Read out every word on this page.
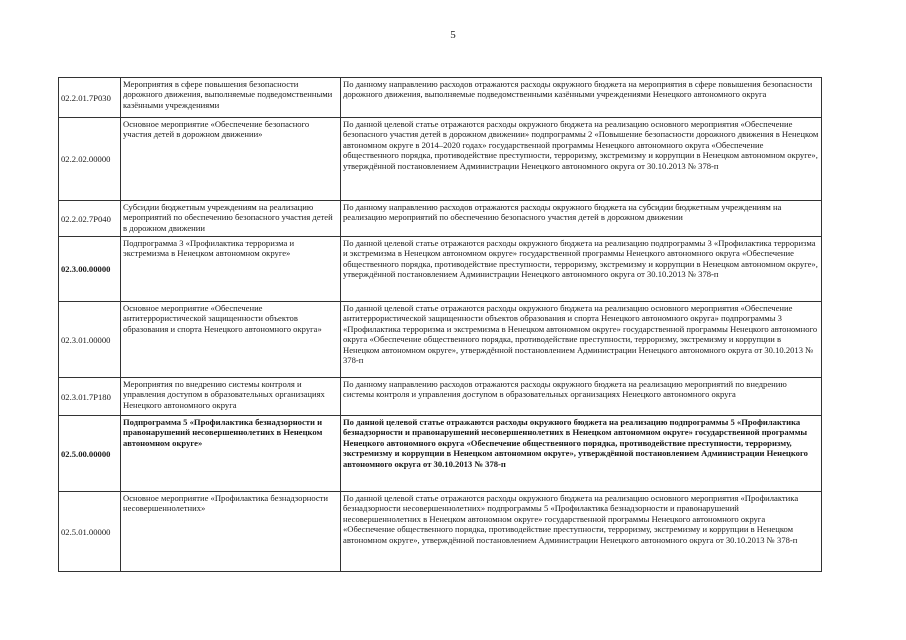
5
02.2.01.7Р030	Мероприятия в сфере повышения безопасности дорожного движения, выполняемые подведомственными казёнными учреждениями	По данному направлению расходов отражаются расходы окружного бюджета на мероприятия в сфере повышения безопасности дорожного движения, выполняемые подведомственными казёнными учреждениями Ненецкого автономного округа
02.2.02.00000	Основное мероприятие «Обеспечение безопасного участия детей в дорожном движении»	По данной целевой статье отражаются расходы окружного бюджета на реализацию основного мероприятия «Обеспечение безопасного участия детей в дорожном движении» подпрограммы 2 «Повышение безопасности дорожного движения в Ненецком автономном округе в 2014–2020 годах» государственной программы Ненецкого автономного округа «Обеспечение общественного порядка, противодействие преступности, терроризму, экстремизму и коррупции в Ненецком автономном округе», утверждённой постановлением Администрации Ненецкого автономного округа от 30.10.2013 № 378-п
02.2.02.7Р040	Субсидии бюджетным учреждениям на реализацию мероприятий по обеспечению безопасного участия детей в дорожном движении	По данному направлению расходов отражаются расходы окружного бюджета на субсидии бюджетным учреждениям на реализацию мероприятий по обеспечению безопасного участия детей в дорожном движении
02.3.00.00000	Подпрограмма 3 «Профилактика терроризма и экстремизма в Ненецком автономном округе»	По данной целевой статье отражаются расходы окружного бюджета на реализацию подпрограммы 3 «Профилактика терроризма и экстремизма в Ненецком автономном округе» государственной программы Ненецкого автономного округа «Обеспечение общественного порядка, противодействие преступности, терроризму, экстремизму и коррупции в Ненецком автономном округе», утверждённой постановлением Администрации Ненецкого автономного округа от 30.10.2013 № 378-п
02.3.01.00000	Основное мероприятие «Обеспечение антитеррористической защищенности объектов образования и спорта Ненецкого автономного округа»	По данной целевой статье отражаются расходы окружного бюджета на реализацию основного мероприятия «Обеспечение антитеррористической защищенности объектов образования и спорта Ненецкого автономного округа» подпрограммы 3 «Профилактика терроризма и экстремизма в Ненецком автономном округе» государственной программы Ненецкого автономного округа «Обеспечение общественного порядка, противодействие преступности, терроризму, экстремизму и коррупции в Ненецком автономном округе», утверждённой постановлением Администрации Ненецкого автономного округа от 30.10.2013 № 378-п
02.3.01.7Р180	Мероприятия по внедрению системы контроля и управления доступом в образовательных организациях Ненецкого автономного округа	По данному направлению расходов отражаются расходы окружного бюджета на реализацию мероприятий по внедрению системы контроля и управления доступом в образовательных организациях Ненецкого автономного округа
02.5.00.00000	Подпрограмма 5 «Профилактика безнадзорности и правонарушений несовершеннолетних в Ненецком автономном округе»	По данной целевой статье отражаются расходы окружного бюджета на реализацию подпрограммы 5 «Профилактика безнадзорности и правонарушений несовершеннолетних в Ненецком автономном округе» государственной программы Ненецкого автономного округа «Обеспечение общественного порядка, противодействие преступности, терроризму, экстремизму и коррупции в Ненецком автономном округе», утверждённой постановлением Администрации Ненецкого автономного округа от 30.10.2013 № 378-п
02.5.01.00000	Основное мероприятие «Профилактика безнадзорности несовершеннолетних»	По данной целевой статье отражаются расходы окружного бюджета на реализацию основного мероприятия «Профилактика безнадзорности несовершеннолетних» подпрограммы 5 «Профилактика безнадзорности и правонарушений несовершеннолетних в Ненецком автономном округе» государственной программы Ненецкого автономного округа «Обеспечение общественного порядка, противодействие преступности, терроризму, экстремизму и коррупции в Ненецком автономном округе», утверждённой постановлением Администрации Ненецкого автономного округа от 30.10.2013 № 378-п
